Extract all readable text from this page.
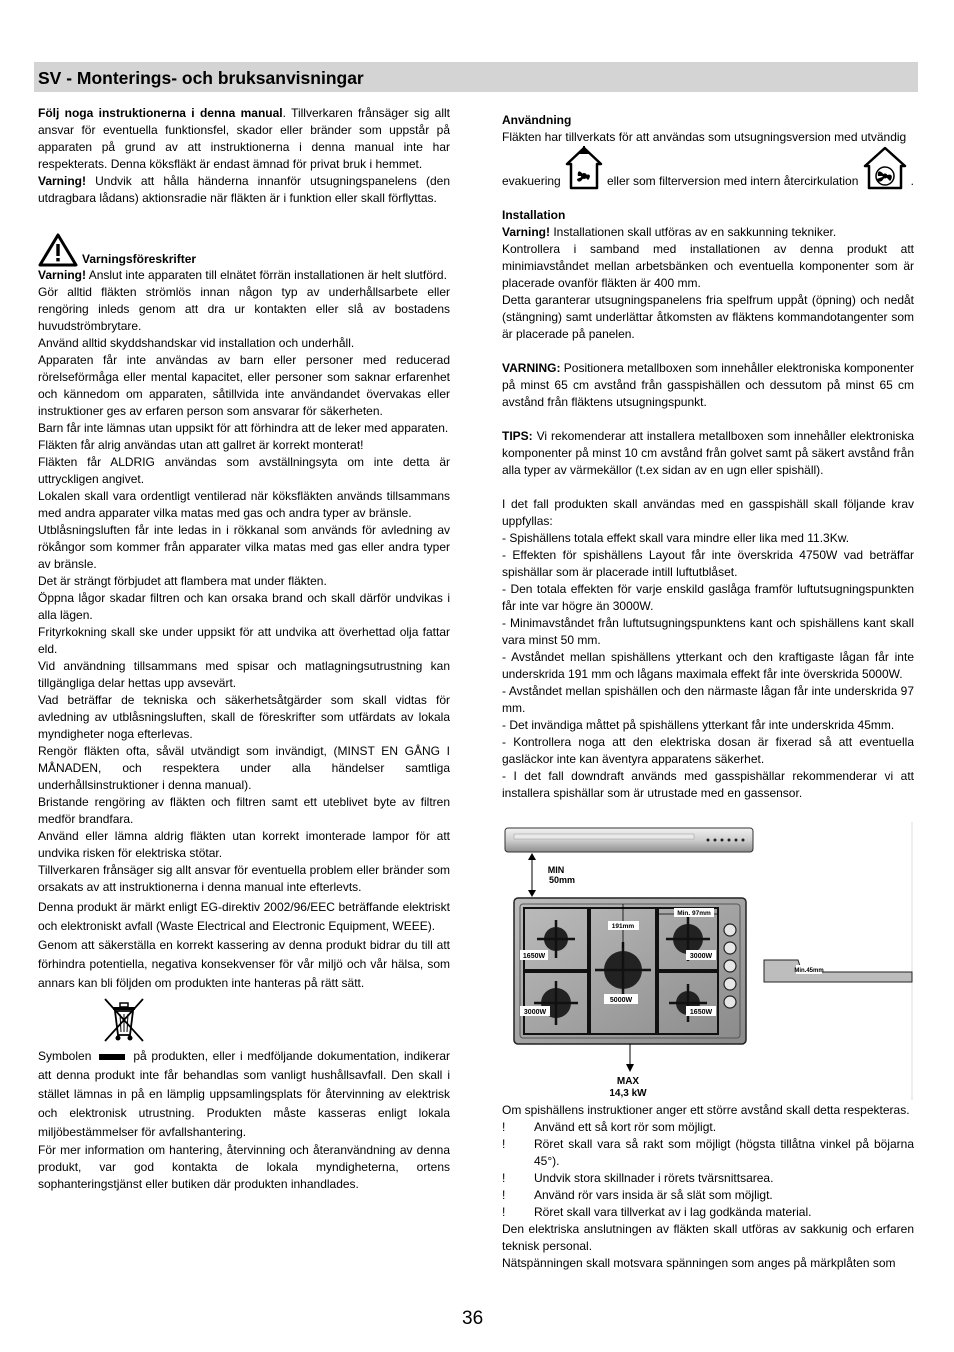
SV - Monterings- och bruksanvisningar

Följ noga instruktionerna i denna manual. Tillverkaren frånsäger sig allt ansvar för eventuella funktionsfel, skador eller bränder som uppstår på apparaten på grund av att instruktionerna i denna manual inte har respekterats. Denna köksfläkt är endast ämnad för privat bruk i hemmet.

Varning! Undvik att hålla händerna innanför utsugningspanelens (den utdragbara lådans) aktionsradie när fläkten är i funktion eller skall förflyttas.

Varningsföreskrifter

Varning! Anslut inte apparaten till elnätet förrän installationen är helt slutförd.

Gör alltid fläkten strömlös innan någon typ av underhållsarbete eller rengöring inleds genom att dra ur kontakten eller slå av bostadens huvudströmbrytare.

Använd alltid skyddshandskar vid installation och underhåll.

Apparaten får inte användas av barn eller personer med reducerad rörelseförmåga eller mental kapacitet, eller personer som saknar erfarenhet och kännedom om apparaten, såtillvida inte användandet övervakas eller instruktioner ges av erfaren person som ansvarar för säkerheten.

Barn får inte lämnas utan uppsikt för att förhindra att de leker med apparaten.

Fläkten får alrig användas utan att gallret är korrekt monterat!

Fläkten får ALDRIG användas som avställningsyta om inte detta är uttryckligen angivet.

Lokalen skall vara ordentligt ventilerad när köksfläkten används tillsammans med andra apparater vilka matas med gas och andra typer av bränsle.

Utblåsningsluften får inte ledas in i rökkanal som används för avledning av rökångor som kommer från apparater vilka matas med gas eller andra typer av bränsle.

Det är strängt förbjudet att flambera mat under fläkten.

Öppna lågor skadar filtren och kan orsaka brand och skall därför undvikas i alla lägen.

Frityrkokning skall ske under uppsikt för att undvika att överhettad olja fattar eld.

Vid användning tillsammans med spisar och matlagningsutrustning kan tillgängliga delar hettas upp avsevärt.

Vad beträffar de tekniska och säkerhetsåtgärder som skall vidtas för avledning av utblåsningsluften, skall de föreskrifter som utfärdats av lokala myndigheter noga efterlevas.

Rengör fläkten ofta, såväl utvändigt som invändigt, (MINST EN GÅNG I MÅNADEN, och respektera under alla händelser samtliga underhållsinstruktioner i denna manual).

Bristande rengöring av fläkten och filtren samt ett uteblivet byte av filtren medför brandfara.

Använd eller lämna aldrig fläkten utan korrekt imonterade lampor för att undvika risken för elektriska stötar.

Tillverkaren frånsäger sig allt ansvar för eventuella problem eller bränder som orsakats av att instruktionerna i denna manual inte efterlevts.

Denna produkt är märkt enligt EG-direktiv 2002/96/EEC beträffande elektriskt och elektroniskt avfall (Waste Electrical and Electronic Equipment, WEEE).

Genom att säkerställa en korrekt kassering av denna produkt bidrar du till att förhindra potentiella, negativa konsekvenser för vår miljö och vår hälsa, som annars kan bli följden om produkten inte hanteras på rätt sätt.

Symbolen	på produkten, eller i medföljande dokumentation, indikerar att denna produkt inte får behandlas som vanligt hushållsavfall. Den skall i stället lämnas in på en lämplig uppsamlingsplats för återvinning av elektrisk och elektronisk utrustning. Produkten måste kasseras enligt lokala miljöbestämmelser för avfallshantering.

För mer information om hantering, återvinning och återanvändning av denna produkt, var god kontakta de lokala myndigheterna, ortens sophanteringstjänst eller butiken där produkten inhandlades.

Användning

Fläkten har tillverkats för att användas som utsugningsversion med utvändig

evakuering	eller som filterversion med intern återcirkulation	.

Installation

Varning! Installationen skall utföras av en sakkunning tekniker.

Kontrollera i samband med installationen av denna produkt att minimiavståndet mellan arbetsbänken och eventuella komponenter som är placerade ovanför fläkten är 400 mm.

Detta garanterar utsugningspanelens fria spelfrum uppåt (öpning) och nedåt (stängning) samt underlättar åtkomsten av fläktens kommandotangenter som är placerade på panelen.

VARNING: Positionera metallboxen som innehåller elektroniska komponenter på minst 65 cm avstånd från gasspishällen och dessutom på minst 65 cm avstånd från fläktens utsugningspunkt.

TIPS: Vi rekomenderar att installera metallboxen som innehåller elektroniska komponenter på minst 10 cm avstånd från golvet samt på säkert avstånd från alla typer av värmekällor (t.ex sidan av en ugn eller spishäll).

I det fall produkten skall användas med en gasspishäll skall följande krav uppfyllas:

- Spishällens totala effekt skall vara mindre eller lika med 11.3Kw.

- Effekten för spishällens Layout får inte överskrida 4750W vad beträffar spishällar som är placerade intill luftutblåset.

- Den totala effekten för varje enskild gaslåga framför luftutsugningspunkten får inte var högre än 3000W.

- Minimavståndet från luftutsugningspunktens kant och spishällens kant skall vara minst 50 mm.

- Avståndet mellan spishällens ytterkant och den kraftigaste lågan får inte underskrida 191 mm och lågans maximala effekt får inte överskrida 5000W.

- Avståndet mellan spishällen och den närmaste lågan får inte underskrida 97 mm.

- Det invändiga måttet på spishällens ytterkant får inte underskrida 45mm.

- Kontrollera noga att den elektriska dosan är fixerad så att eventuella gasläckor inte kan äventyra apparatens säkerhet.

- I det fall downdraft används med gasspishällar rekommenderar vi att installera spishällar som är utrustade med en gassensor.

MIN
50mm
191mm
Min. 97mm
1650W	3000W
3000W	1650W
5000W
MAX
14,3 kW
Min.45mm

Om spishällens instruktioner anger ett större avstånd skall detta respekteras.

!	Använd ett så kort rör som möjligt.
!	Röret skall vara så rakt som möjligt (högsta tillåtna vinkel på böjarna 45°).
!	Undvik stora skillnader i rörets tvärsnittsarea.
!	Använd rör vars insida är så slät som möjligt.
!	Röret skall vara tillverkat av i lag godkända material.

Den elektriska anslutningen av fläkten skall utföras av sakkunig och erfaren teknisk personal.

Nätspänningen skall motsvara spänningen som anges på märkplåten som

36
